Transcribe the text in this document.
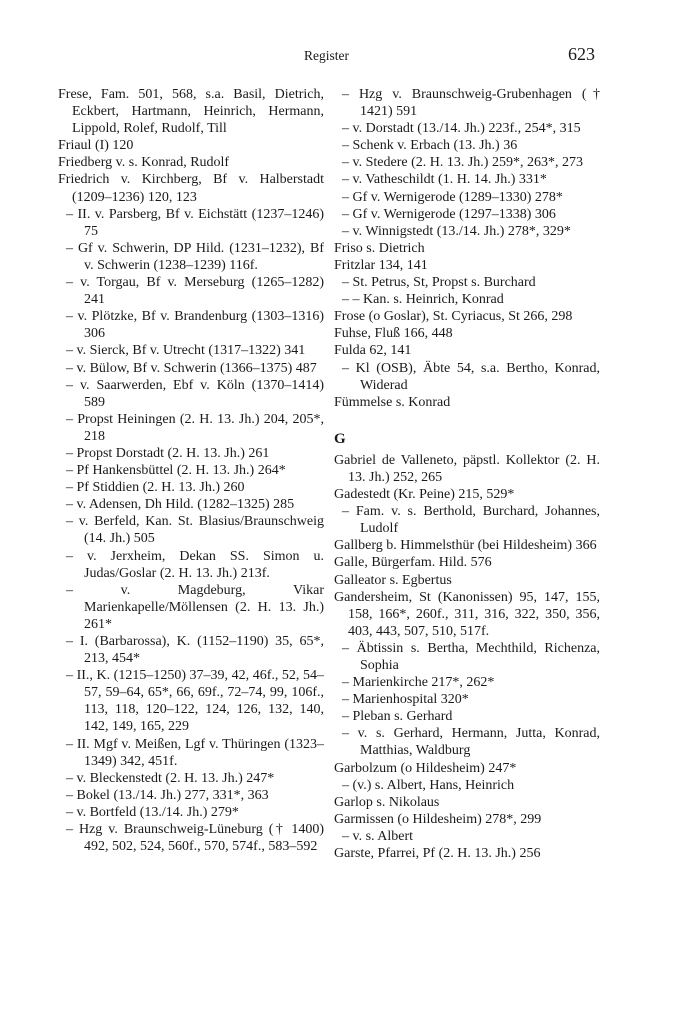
Register	623

Frese, Fam. 501, 568, s.a. Basil, Dietrich, Eckbert, Hartmann, Heinrich, Hermann, Lippold, Rolef, Rudolf, Till

Friaul (I) 120

Friedberg v. s. Konrad, Rudolf

Friedrich v. Kirchberg, Bf v. Halberstadt (1209–1236) 120, 123

– II. v. Parsberg, Bf v. Eichstätt (1237–1246) 75

– Gf v. Schwerin, DP Hild. (1231–1232), Bf v. Schwerin (1238–1239) 116f.

– v. Torgau, Bf v. Merseburg (1265–1282) 241

– v. Plötzke, Bf v. Brandenburg (1303–1316) 306

– v. Sierck, Bf v. Utrecht (1317–1322) 341

– v. Bülow, Bf v. Schwerin (1366–1375) 487

– v. Saarwerden, Ebf v. Köln (1370–1414) 589

– Propst Heiningen (2. H. 13. Jh.) 204, 205*, 218

– Propst Dorstadt (2. H. 13. Jh.) 261

– Pf Hankensbüttel (2. H. 13. Jh.) 264*

– Pf Stiddien (2. H. 13. Jh.) 260

– v. Adensen, Dh Hild. (1282–1325) 285

– v. Berfeld, Kan. St. Blasius/Braunschweig (14. Jh.) 505

– v. Jerxheim, Dekan SS. Simon u. Judas/Goslar (2. H. 13. Jh.) 213f.

– v. Magdeburg, Vikar Marienkapelle/Möllensen (2. H. 13. Jh.) 261*

– I. (Barbarossa), K. (1152–1190) 35, 65*, 213, 454*

– II., K. (1215–1250) 37–39, 42, 46f., 52, 54–57, 59–64, 65*, 66, 69f., 72–74, 99, 106f., 113, 118, 120–122, 124, 126, 132, 140, 142, 149, 165, 229

– II. Mgf v. Meißen, Lgf v. Thüringen (1323–1349) 342, 451f.

– v. Bleckenstedt (2. H. 13. Jh.) 247*

– Bokel (13./14. Jh.) 277, 331*, 363

– v. Bortfeld (13./14. Jh.) 279*

– Hzg v. Braunschweig-Lüneburg († 1400) 492, 502, 524, 560f., 570, 574f., 583–592

– Hzg v. Braunschweig-Grubenhagen († 1421) 591

– v. Dorstadt (13./14. Jh.) 223f., 254*, 315

– Schenk v. Erbach (13. Jh.) 36

– v. Stedere (2. H. 13. Jh.) 259*, 263*, 273

– v. Vatheschildt (1. H. 14. Jh.) 331*

– Gf v. Wernigerode (1289–1330) 278*

– Gf v. Wernigerode (1297–1338) 306

– v. Winnigstedt (13./14. Jh.) 278*, 329*

Friso s. Dietrich

Fritzlar 134, 141

– St. Petrus, St, Propst s. Burchard

– – Kan. s. Heinrich, Konrad

Frose (o Goslar), St. Cyriacus, St 266, 298

Fuhse, Fluß 166, 448

Fulda 62, 141

– Kl (OSB), Äbte 54, s.a. Bertho, Konrad, Widerad

Fümmelse s. Konrad

G

Gabriel de Valleneto, päpstl. Kollektor (2. H. 13. Jh.) 252, 265

Gadestedt (Kr. Peine) 215, 529*

– Fam. v. s. Berthold, Burchard, Johannes, Ludolf

Gallberg b. Himmelsthür (bei Hildesheim) 366

Galle, Bürgerfam. Hild. 576

Galleator s. Egbertus

Gandersheim, St (Kanonissen) 95, 147, 155, 158, 166*, 260f., 311, 316, 322, 350, 356, 403, 443, 507, 510, 517f.

– Äbtissin s. Bertha, Mechthild, Richenza, Sophia

– Marienkirche 217*, 262*

– Marienhospital 320*

– Pleban s. Gerhard

– v. s. Gerhard, Hermann, Jutta, Konrad, Matthias, Waldburg

Garbolzum (o Hildesheim) 247*

– (v.) s. Albert, Hans, Heinrich

Garlop s. Nikolaus

Garmissen (o Hildesheim) 278*, 299

– v. s. Albert

Garste, Pfarrei, Pf (2. H. 13. Jh.) 256
